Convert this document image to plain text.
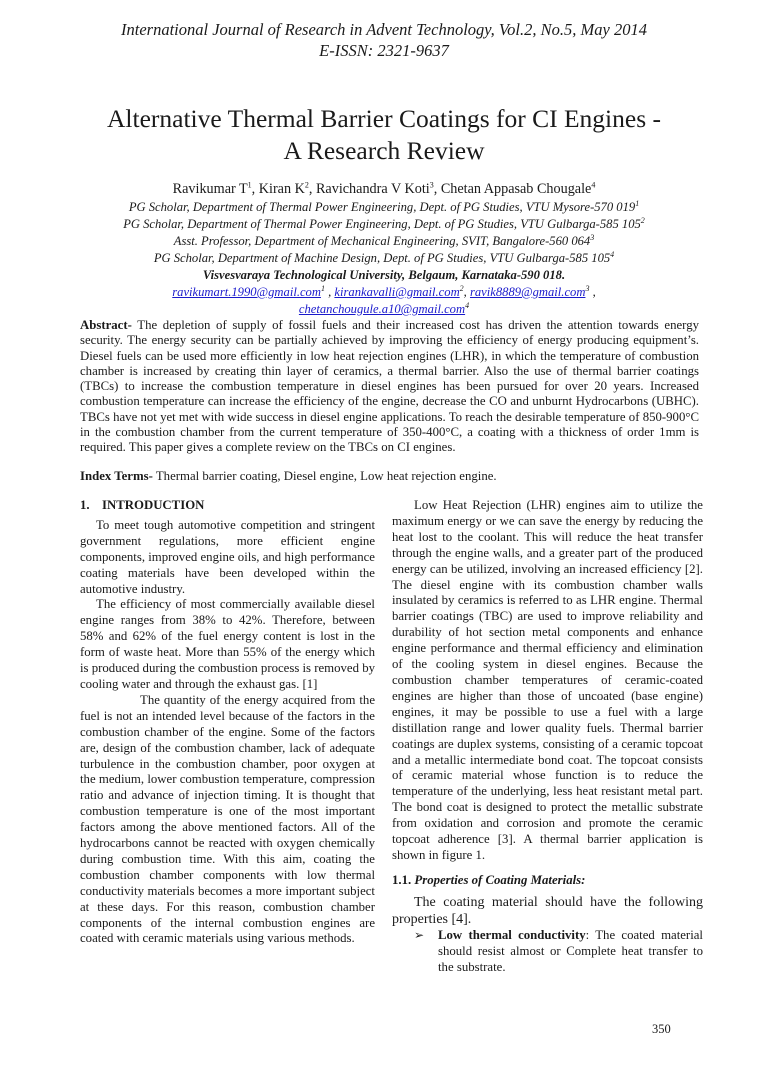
International Journal of Research in Advent Technology, Vol.2, No.5, May 2014
E-ISSN: 2321-9637
Alternative Thermal Barrier Coatings for CI Engines -
A Research Review
Ravikumar $T^1$, Kiran $K^2$, Ravichandra V Koti$^3$, Chetan Appasab Chougale$^4$
PG Scholar, Department of Thermal Power Engineering, Dept. of PG Studies, VTU Mysore-570 $019^1$
PG Scholar, Department of Thermal Power Engineering, Dept. of PG Studies, VTU Gulbarga-585 $105^2$
Asst. Professor, Department of Mechanical Engineering, SVIT, Bangalore-560 $064^3$
PG Scholar, Department of Machine Design, Dept. of PG Studies, VTU Gulbarga-585 $105^4$
Visvesvaraya Technological University, Belgaum, Karnataka-590 018.
ravikumart.1990@gmail.com$^1$ , kirankavalli@gmail.com$^2$, ravik8889@gmail.com$^3$ ,
chetanchougule.a10@gmail.com$^4$
Abstract- The depletion of supply of fossil fuels and their increased cost has driven the attention towards energy security. The energy security can be partially achieved by improving the efficiency of energy producing equipment’s. Diesel fuels can be used more efficiently in low heat rejection engines (LHR), in which the temperature of combustion chamber is increased by creating thin layer of ceramics, a thermal barrier. Also the use of thermal barrier coatings (TBCs) to increase the combustion temperature in diesel engines has been pursued for over 20 years. Increased combustion temperature can increase the efficiency of the engine, decrease the CO and unburnt Hydrocarbons (UBHC). TBCs have not yet met with wide success in diesel engine applications. To reach the desirable temperature of 850-900°C in the combustion chamber from the current temperature of 350-400°C, a coating with a thickness of order 1mm is required. This paper gives a complete review on the TBCs on CI engines.
Index Terms- Thermal barrier coating, Diesel engine, Low heat rejection engine.
1. INTRODUCTION

To meet tough automotive competition and stringent government regulations, more efficient engine components, improved engine oils, and high performance coating materials have been developed within the automotive industry.

The efficiency of most commercially available diesel engine ranges from 38% to 42%. Therefore, between 58% and 62% of the fuel energy content is lost in the form of waste heat. More than 55% of the energy which is produced during the combustion process is removed by cooling water and through the exhaust gas. [1]

The quantity of the energy acquired from the fuel is not an intended level because of the factors in the combustion chamber of the engine. Some of the factors are, design of the combustion chamber, lack of adequate turbulence in the combustion chamber, poor oxygen at the medium, lower combustion temperature, compression ratio and advance of injection timing. It is thought that combustion temperature is one of the most important factors among the above mentioned factors. All of the hydrocarbons cannot be reacted with oxygen chemically during combustion time. With this aim, coating the combustion chamber components with low thermal conductivity materials becomes a more important subject at these days. For this reason, combustion chamber components of the internal combustion engines are coated with ceramic materials using various methods.

Low Heat Rejection (LHR) engines aim to utilize the maximum energy or we can save the energy by reducing the heat lost to the coolant. This will reduce the heat transfer through the engine walls, and a greater part of the produced energy can be utilized, involving an increased efficiency [2]. The diesel engine with its combustion chamber walls insulated by ceramics is referred to as LHR engine. Thermal barrier coatings (TBC) are used to improve reliability and durability of hot section metal components and enhance engine performance and thermal efficiency and elimination of the cooling system in diesel engines. Because the combustion chamber temperatures of ceramic-coated engines are higher than those of uncoated (base engine) engines, it may be possible to use a fuel with a large distillation range and lower quality fuels. Thermal barrier coatings are duplex systems, consisting of a ceramic topcoat and a metallic intermediate bond coat. The topcoat consists of ceramic material whose function is to reduce the temperature of the underlying, less heat resistant metal part. The bond coat is designed to protect the metallic substrate from oxidation and corrosion and promote the ceramic topcoat adherence [3]. A thermal barrier application is shown in figure 1.

1.1. Properties of Coating Materials:

The coating material should have the following properties [4].

➢	Low thermal conductivity: The coated material should resist almost or Complete heat transfer to the substrate.
350
